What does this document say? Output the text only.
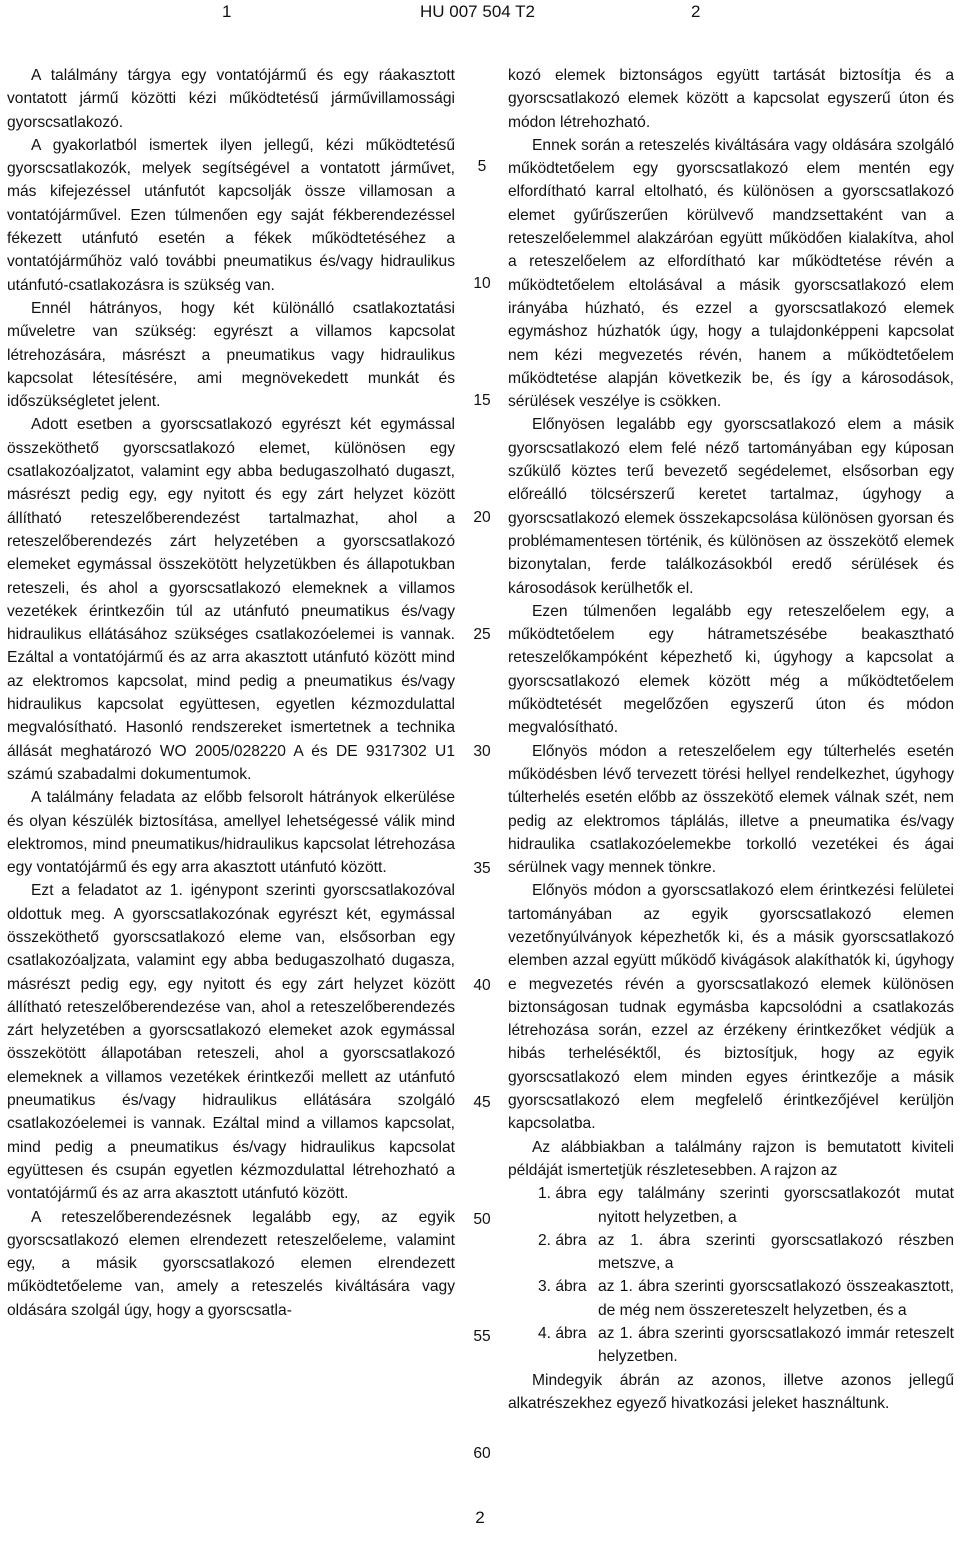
1	HU 007 504 T2	2

A találmány tárgya egy vontatójármű és egy ráakasztott vontatott jármű közötti kézi működtetésű járművillamossági gyorscsatlakozó.

A gyakorlatból ismertek ilyen jellegű, kézi működtetésű gyorscsatlakozók, melyek segítségével a vontatott járművet, más kifejezéssel utánfutót kapcsolják össze villamosan a vontatójárművel. Ezen túlmenően egy saját fékberendezéssel fékezett utánfutó esetén a fékek működtetéséhez a vontatójárműhöz való további pneumatikus és/vagy hidraulikus utánfutó-csatlakozásra is szükség van.

Ennél hátrányos, hogy két különálló csatlakoztatási műveletre van szükség: egyrészt a villamos kapcsolat létrehozására, másrészt a pneumatikus vagy hidraulikus kapcsolat létesítésére, ami megnövekedett munkát és időszükségletet jelent.

Adott esetben a gyorscsatlakozó egyrészt két egymással összeköthető gyorscsatlakozó elemet, különösen egy csatlakozóaljzatot, valamint egy abba bedugaszolható dugaszt, másrészt pedig egy, egy nyitott és egy zárt helyzet között állítható reteszelőberendezést tartalmazhat, ahol a reteszelőberendezés zárt helyzetében a gyorscsatlakozó elemeket egymással összekötött helyzetükben és állapotukban reteszeli, és ahol a gyorscsatlakozó elemeknek a villamos vezetékek érintkezőin túl az utánfutó pneumatikus és/vagy hidraulikus ellátásához szükséges csatlakozóelemei is vannak. Ezáltal a vontatójármű és az arra akasztott utánfutó között mind az elektromos kapcsolat, mind pedig a pneumatikus és/vagy hidraulikus kapcsolat együttesen, egyetlen kézmozdulattal megvalósítható. Hasonló rendszereket ismertetnek a technika állását meghatározó WO 2005/028220 A és DE 9317302 U1 számú szabadalmi dokumentumok.

A találmány feladata az előbb felsorolt hátrányok elkerülése és olyan készülék biztosítása, amellyel lehetségessé válik mind elektromos, mind pneumatikus/hidraulikus kapcsolat létrehozása egy vontatójármű és egy arra akasztott utánfutó között.

Ezt a feladatot az 1. igénypont szerinti gyorscsatlakozóval oldottuk meg. A gyorscsatlakozónak egyrészt két, egymással összeköthető gyorscsatlakozó eleme van, elsősorban egy csatlakozóaljzata, valamint egy abba bedugaszolható dugasza, másrészt pedig egy, egy nyitott és egy zárt helyzet között állítható reteszelőberendezése van, ahol a reteszelőberendezés zárt helyzetében a gyorscsatlakozó elemeket azok egymással összekötött állapotában reteszeli, ahol a gyorscsatlakozó elemeknek a villamos vezetékek érintkezői mellett az utánfutó pneumatikus és/vagy hidraulikus ellátására szolgáló csatlakozóelemei is vannak. Ezáltal mind a villamos kapcsolat, mind pedig a pneumatikus és/vagy hidraulikus kapcsolat együttesen és csupán egyetlen kézmozdulattal létrehozható a vontatójármű és az arra akasztott utánfutó között.

A reteszelőberendezésnek legalább egy, az egyik gyorscsatlakozó elemen elrendezett reteszelőeleme, valamint egy, a másik gyorscsatlakozó elemen elrendezett működtetőeleme van, amely a reteszelés kiváltására vagy oldására szolgál úgy, hogy a gyorscsatla-

5
10
15
20
25
30
35
40
45
50
55
60

kozó elemek biztonságos együtt tartását biztosítja és a gyorscsatlakozó elemek között a kapcsolat egyszerű úton és módon létrehozható.

Ennek során a reteszelés kiváltására vagy oldására szolgáló működtetőelem egy gyorscsatlakozó elem mentén egy elfordítható karral eltolható, és különösen a gyorscsatlakozó elemet gyűrűszerűen körülvevő mandzsettaként van a reteszelőelemmel alakzáróan együtt működően kialakítva, ahol a reteszelőelem az elfordítható kar működtetése révén a működtetőelem eltolásával a másik gyorscsatlakozó elem irányába húzható, és ezzel a gyorscsatlakozó elemek egymáshoz húzhatók úgy, hogy a tulajdonképpeni kapcsolat nem kézi megvezetés révén, hanem a működtetőelem működtetése alapján következik be, és így a károsodások, sérülések veszélye is csökken.

Előnyösen legalább egy gyorscsatlakozó elem a másik gyorscsatlakozó elem felé néző tartományában egy kúposan szűkülő köztes terű bevezető segédelemet, elsősorban egy előreálló tölcsérszerű keretet tartalmaz, úgyhogy a gyorscsatlakozó elemek összekapcsolása különösen gyorsan és problémamentesen történik, és különösen az összekötő elemek bizonytalan, ferde találkozásokból eredő sérülések és károsodások kerülhetők el.

Ezen túlmenően legalább egy reteszelőelem egy, a működtetőelem egy hátrametszésébe beakasztható reteszelőkampóként képezhető ki, úgyhogy a kapcsolat a gyorscsatlakozó elemek között még a működtetőelem működtetését megelőzően egyszerű úton és módon megvalósítható.

Előnyös módon a reteszelőelem egy túlterhelés esetén működésben lévő tervezett törési hellyel rendelkezhet, úgyhogy túlterhelés esetén előbb az összekötő elemek válnak szét, nem pedig az elektromos táplálás, illetve a pneumatika és/vagy hidraulika csatlakozóelemekbe torkolló vezetékei és ágai sérülnek vagy mennek tönkre.

Előnyös módon a gyorscsatlakozó elem érintkezési felületei tartományában az egyik gyorscsatlakozó elemen vezetőnyúlványok képezhetők ki, és a másik gyorscsatlakozó elemben azzal együtt működő kivágások alakíthatók ki, úgyhogy e megvezetés révén a gyorscsatlakozó elemek különösen biztonságosan tudnak egymásba kapcsolódni a csatlakozás létrehozása során, ezzel az érzékeny érintkezőket védjük a hibás terheléséktől, és biztosítjuk, hogy az egyik gyorscsatlakozó elem minden egyes érintkezője a másik gyorscsatlakozó elem megfelelő érintkezőjével kerüljön kapcsolatba.

Az alábbiakban a találmány rajzon is bemutatott kiviteli példáját ismertetjük részletesebben. A rajzon az

1. ábra egy találmány szerinti gyorscsatlakozót mutat nyitott helyzetben, a
2. ábra az 1. ábra szerinti gyorscsatlakozó részben metszve, a
3. ábra az 1. ábra szerinti gyorscsatlakozó összeakasztott, de még nem összereteszelt helyzetben, és a
4. ábra az 1. ábra szerinti gyorscsatlakozó immár reteszelt helyzetben.

Mindegyik ábrán az azonos, illetve azonos jellegű alkatrészekhez egyező hivatkozási jeleket használtunk.

2
